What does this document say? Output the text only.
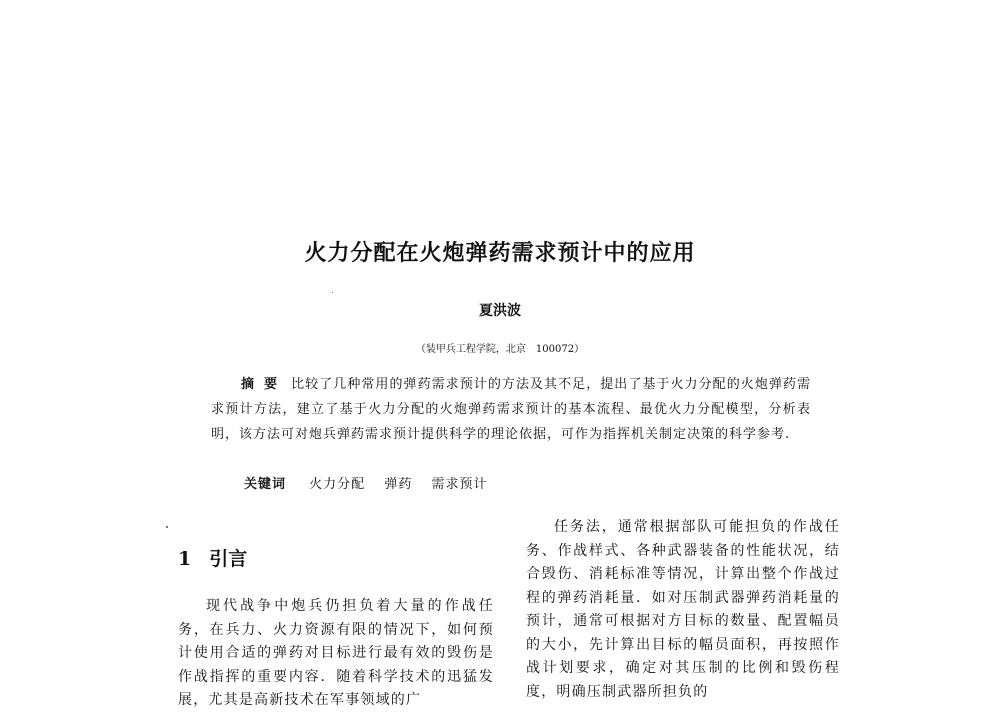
火力分配在火炮弹药需求预计中的应用
夏洪波
（装甲兵工程学院，北京　100072）
摘要 比较了几种常用的弹药需求预计的方法及其不足，提出了基于火力分配的火炮弹药需求预计方法，建立了基于火力分配的火炮弹药需求预计的基本流程、最优火力分配模型，分析表明，该方法可对炮兵弹药需求预计提供科学的理论依据，可作为指挥机关制定决策的科学参考.
关键词 火力分配 弹药 需求预计
1 引言

现代战争中炮兵仍担负着大量的作战任务，在兵力、火力资源有限的情况下，如何预计使用合适的弹药对目标进行最有效的毁伤是作战指挥的重要内容．随着科学技术的迅猛发展，尤其是高新技术在军事领域的广

任务法，通常根据部队可能担负的作战任务、作战样式、各种武器装备的性能状况，结合毁伤、消耗标准等情况，计算出整个作战过程的弹药消耗量．如对压制武器弹药消耗量的预计，通常可根据对方目标的数量、配置幅员的大小，先计算出目标的幅员面积，再按照作战计划要求，确定对其压制的比例和毁伤程度，明确压制武器所担负的
